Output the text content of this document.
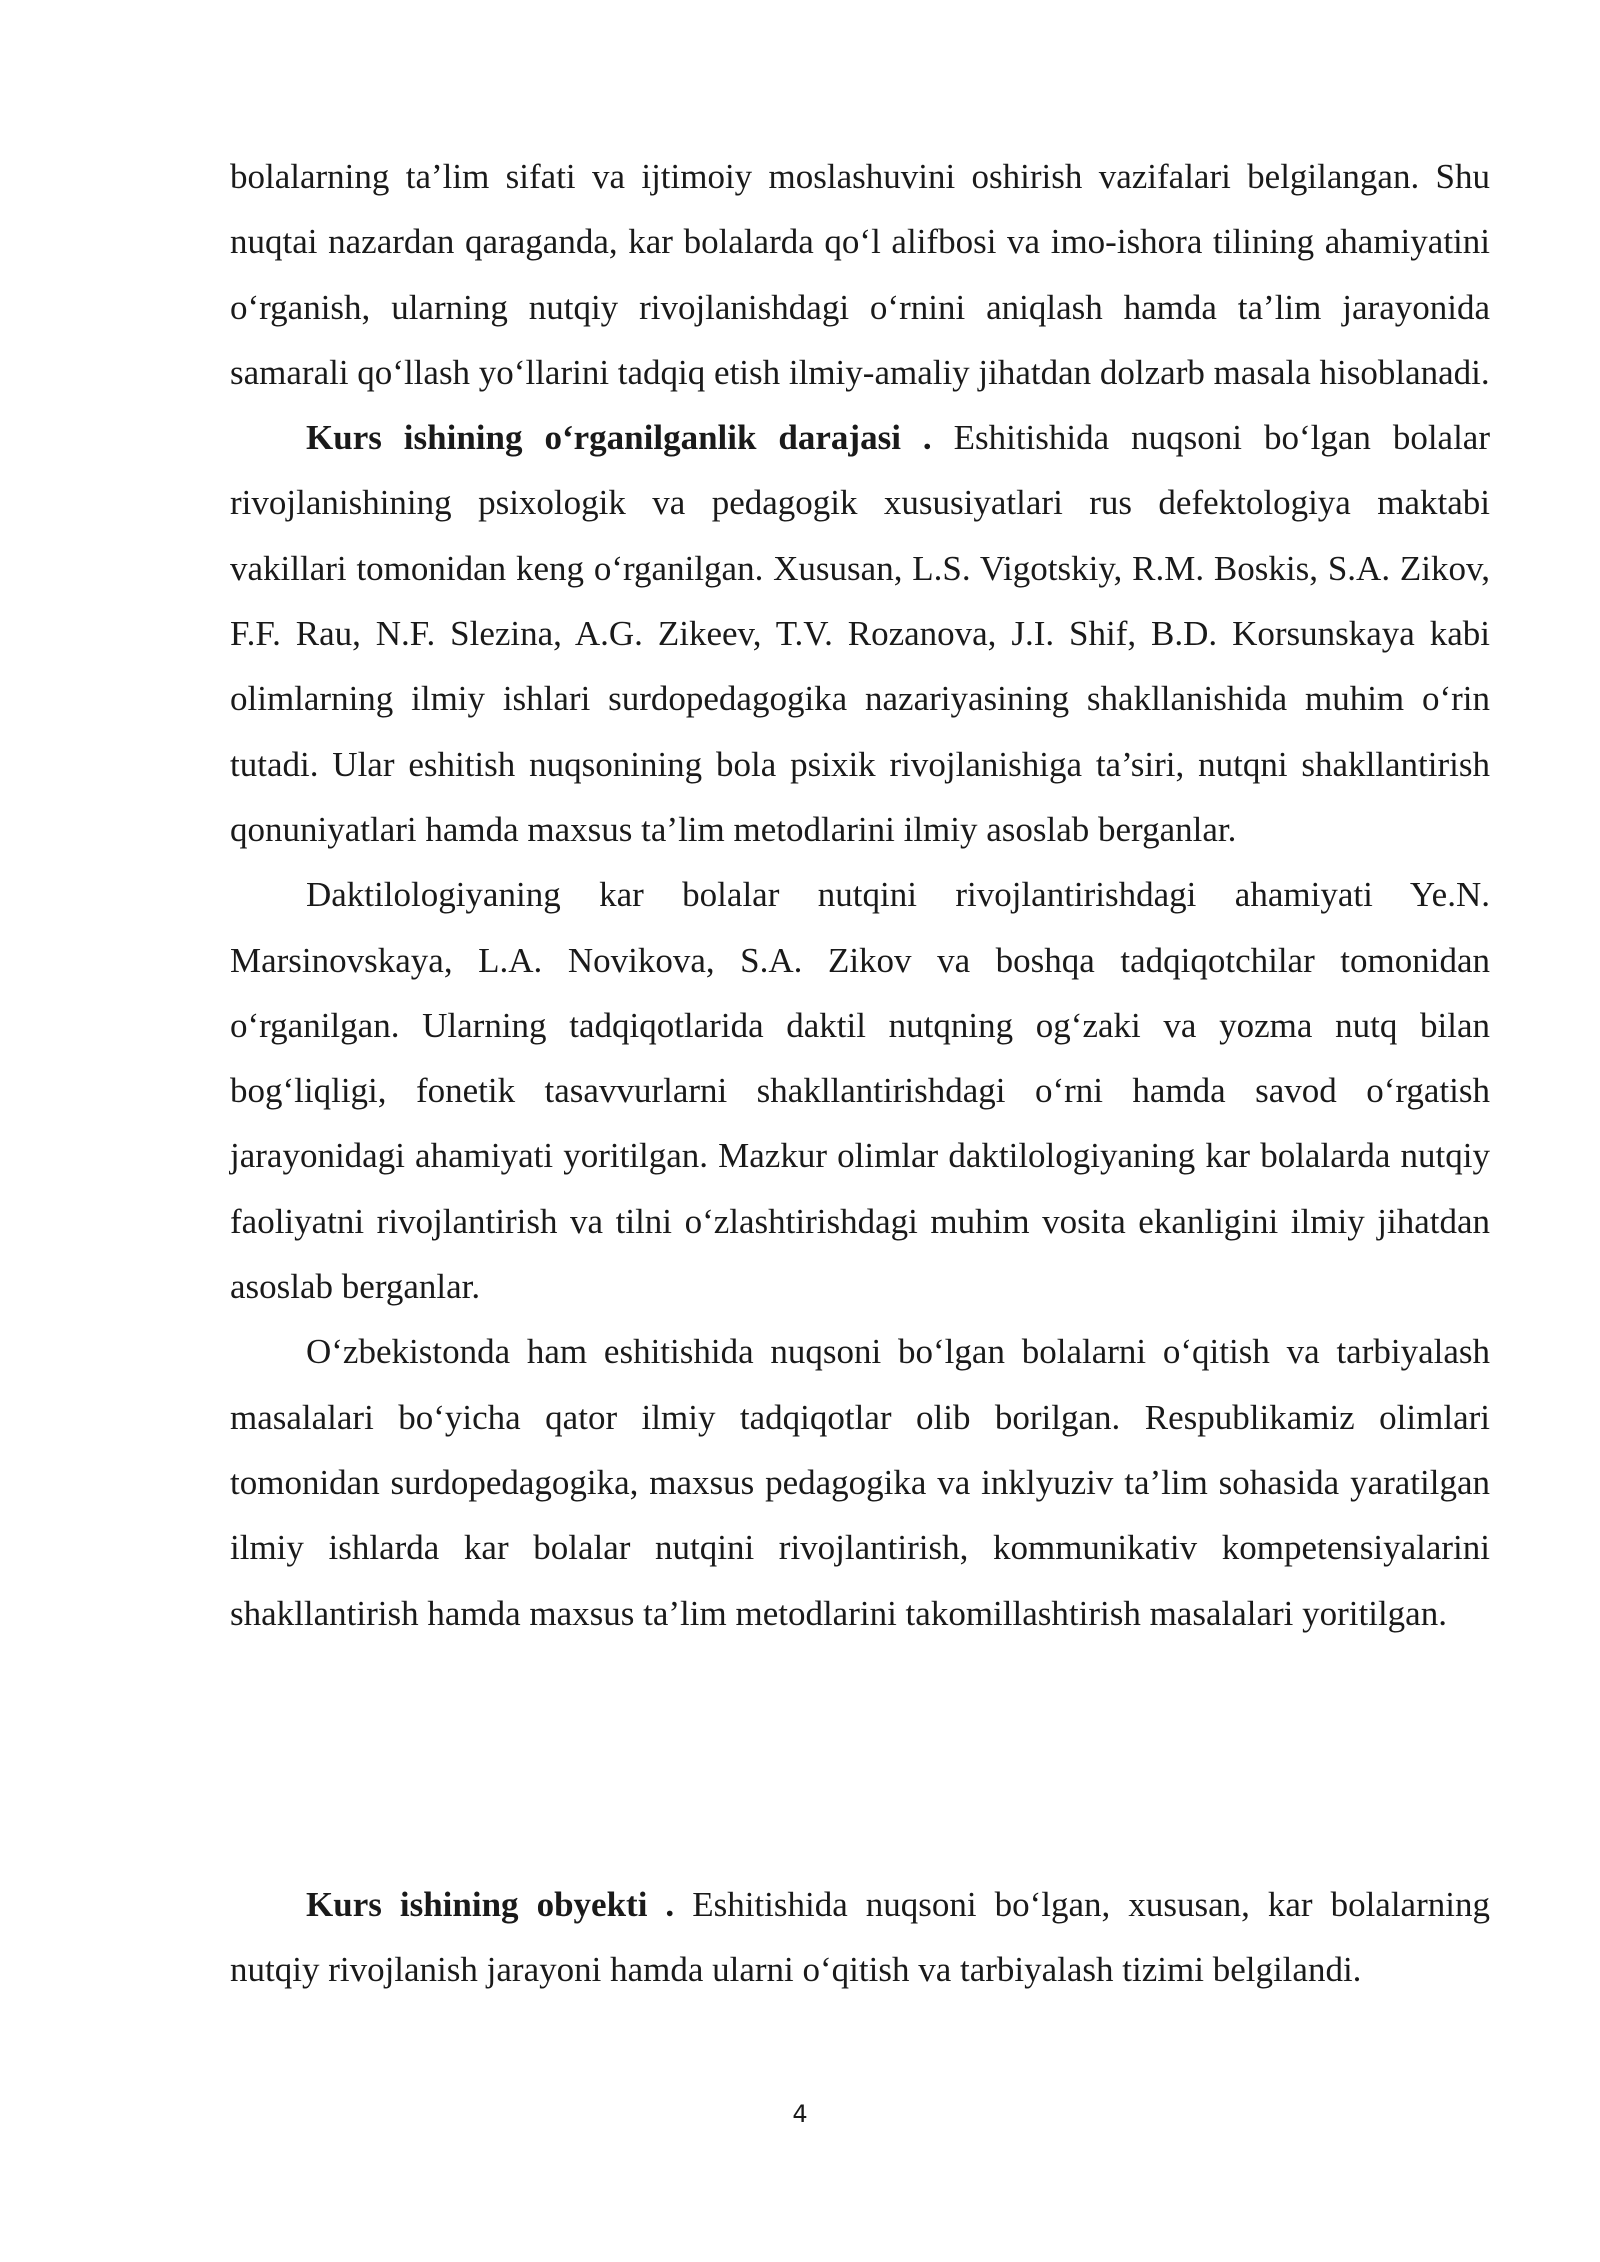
bolalarning ta’lim sifati va ijtimoiy moslashuvini oshirish vazifalari belgilangan. Shu nuqtai nazardan qaraganda, kar bolalarda qo‘l alifbosi va imo-ishora tilining ahamiyatini o‘rganish, ularning nutqiy rivojlanishdagi o‘rnini aniqlash hamda ta’lim jarayonida samarali qo‘llash yo‘llarini tadqiq etish ilmiy-amaliy jihatdan dolzarb masala hisoblanadi.

Kurs ishining o‘rganilganlik darajasi . Eshitishida nuqsoni bo‘lgan bolalar rivojlanishining psixologik va pedagogik xususiyatlari rus defektologiya maktabi vakillari tomonidan keng o‘rganilgan. Xususan, L.S. Vigotskiy, R.M. Boskis, S.A. Zikov, F.F. Rau, N.F. Slezina, A.G. Zikeev, T.V. Rozanova, J.I. Shif, B.D. Korsunskaya kabi olimlarning ilmiy ishlari surdopedagogika nazariyasining shakllanishida muhim o‘rin tutadi. Ular eshitish nuqsonining bola psixik rivojlanishiga ta’siri, nutqni shakllantirish qonuniyatlari hamda maxsus ta’lim metodlarini ilmiy asoslab berganlar.

Daktilologiyaning kar bolalar nutqini rivojlantirishdagi ahamiyati Ye.N. Marsinovskaya, L.A. Novikova, S.A. Zikov va boshqa tadqiqotchilar tomonidan o‘rganilgan. Ularning tadqiqotlarida daktil nutqning og‘zaki va yozma nutq bilan bog‘liqligi, fonetik tasavvurlarni shakllantirishdagi o‘rni hamda savod o‘rgatish jarayonidagi ahamiyati yoritilgan. Mazkur olimlar daktilologiyaning kar bolalarda nutqiy faoliyatni rivojlantirish va tilni o‘zlashtirishdagi muhim vosita ekanligini ilmiy jihatdan asoslab berganlar.

O‘zbekistonda ham eshitishida nuqsoni bo‘lgan bolalarni o‘qitish va tarbiyalash masalalari bo‘yicha qator ilmiy tadqiqotlar olib borilgan. Respublikamiz olimlari tomonidan surdopedagogika, maxsus pedagogika va inklyuziv ta’lim sohasida yaratilgan ilmiy ishlarda kar bolalar nutqini rivojlantirish, kommunikativ kompetensiyalarini shakllantirish hamda maxsus ta’lim metodlarini takomillashtirish masalalari yoritilgan.

Kurs ishining obyekti . Eshitishida nuqsoni bo‘lgan, xususan, kar bolalarning nutqiy rivojlanish jarayoni hamda ularni o‘qitish va tarbiyalash tizimi belgilandi.

4
